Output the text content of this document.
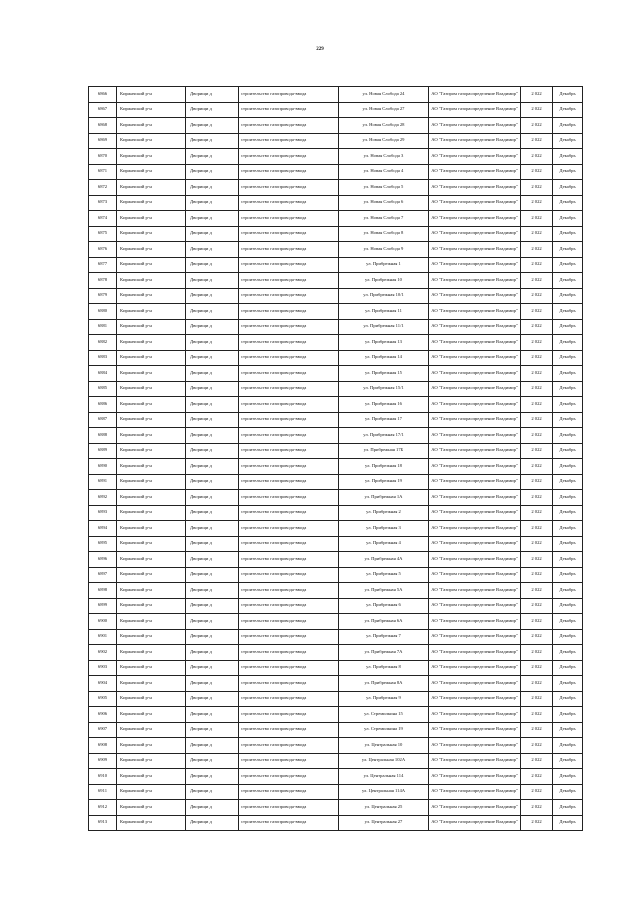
229
6866	Киржачский р-н	Дворищи д	строительство газопровода-ввода	ул. Новая Слобода 24	АО "Газпром газораспределение Владимир"	2 022	Декабрь
6867	Киржачский р-н	Дворищи д	строительство газопровода-ввода	ул. Новая Слобода 27	АО "Газпром газораспределение Владимир"	2 022	Декабрь
6868	Киржачский р-н	Дворищи д	строительство газопровода-ввода	ул. Новая Слобода 28	АО "Газпром газораспределение Владимир"	2 022	Декабрь
6869	Киржачский р-н	Дворищи д	строительство газопровода-ввода	ул. Новая Слобода 29	АО "Газпром газораспределение Владимир"	2 022	Декабрь
6870	Киржачский р-н	Дворищи д	строительство газопровода-ввода	ул. Новая Слобода 3	АО "Газпром газораспределение Владимир"	2 022	Декабрь
6871	Киржачский р-н	Дворищи д	строительство газопровода-ввода	ул. Новая Слобода 4	АО "Газпром газораспределение Владимир"	2 022	Декабрь
6872	Киржачский р-н	Дворищи д	строительство газопровода-ввода	ул. Новая Слобода 5	АО "Газпром газораспределение Владимир"	2 022	Декабрь
6873	Киржачский р-н	Дворищи д	строительство газопровода-ввода	ул. Новая Слобода 6	АО "Газпром газораспределение Владимир"	2 022	Декабрь
6874	Киржачский р-н	Дворищи д	строительство газопровода-ввода	ул. Новая Слобода 7	АО "Газпром газораспределение Владимир"	2 022	Декабрь
6875	Киржачский р-н	Дворищи д	строительство газопровода-ввода	ул. Новая Слобода 8	АО "Газпром газораспределение Владимир"	2 022	Декабрь
6876	Киржачский р-н	Дворищи д	строительство газопровода-ввода	ул. Новая Слобода 9	АО "Газпром газораспределение Владимир"	2 022	Декабрь
6877	Киржачский р-н	Дворищи д	строительство газопровода-ввода	ул. Прибрежная 1	АО "Газпром газораспределение Владимир"	2 022	Декабрь
6878	Киржачский р-н	Дворищи д	строительство газопровода-ввода	ул. Прибрежная 10	АО "Газпром газораспределение Владимир"	2 022	Декабрь
6879	Киржачский р-н	Дворищи д	строительство газопровода-ввода	ул. Прибрежная 10/1	АО "Газпром газораспределение Владимир"	2 022	Декабрь
6880	Киржачский р-н	Дворищи д	строительство газопровода-ввода	ул. Прибрежная 11	АО "Газпром газораспределение Владимир"	2 022	Декабрь
6881	Киржачский р-н	Дворищи д	строительство газопровода-ввода	ул. Прибрежная 11/1	АО "Газпром газораспределение Владимир"	2 022	Декабрь
6882	Киржачский р-н	Дворищи д	строительство газопровода-ввода	ул. Прибрежная 13	АО "Газпром газораспределение Владимир"	2 022	Декабрь
6883	Киржачский р-н	Дворищи д	строительство газопровода-ввода	ул. Прибрежная 14	АО "Газпром газораспределение Владимир"	2 022	Декабрь
6884	Киржачский р-н	Дворищи д	строительство газопровода-ввода	ул. Прибрежная 15	АО "Газпром газораспределение Владимир"	2 022	Декабрь
6885	Киржачский р-н	Дворищи д	строительство газопровода-ввода	ул. Прибрежная 15/1	АО "Газпром газораспределение Владимир"	2 022	Декабрь
6886	Киржачский р-н	Дворищи д	строительство газопровода-ввода	ул. Прибрежная 16	АО "Газпром газораспределение Владимир"	2 022	Декабрь
6887	Киржачский р-н	Дворищи д	строительство газопровода-ввода	ул. Прибрежная 17	АО "Газпром газораспределение Владимир"	2 022	Декабрь
6888	Киржачский р-н	Дворищи д	строительство газопровода-ввода	ул. Прибрежная 17/1	АО "Газпром газораспределение Владимир"	2 022	Декабрь
6889	Киржачский р-н	Дворищи д	строительство газопровода-ввода	ул. Прибрежная 17Б	АО "Газпром газораспределение Владимир"	2 022	Декабрь
6890	Киржачский р-н	Дворищи д	строительство газопровода-ввода	ул. Прибрежная 18	АО "Газпром газораспределение Владимир"	2 022	Декабрь
6891	Киржачский р-н	Дворищи д	строительство газопровода-ввода	ул. Прибрежная 19	АО "Газпром газораспределение Владимир"	2 022	Декабрь
6892	Киржачский р-н	Дворищи д	строительство газопровода-ввода	ул. Прибрежная 1А	АО "Газпром газораспределение Владимир"	2 022	Декабрь
6893	Киржачский р-н	Дворищи д	строительство газопровода-ввода	ул. Прибрежная 2	АО "Газпром газораспределение Владимир"	2 022	Декабрь
6894	Киржачский р-н	Дворищи д	строительство газопровода-ввода	ул. Прибрежная 3	АО "Газпром газораспределение Владимир"	2 022	Декабрь
6895	Киржачский р-н	Дворищи д	строительство газопровода-ввода	ул. Прибрежная 4	АО "Газпром газораспределение Владимир"	2 022	Декабрь
6896	Киржачский р-н	Дворищи д	строительство газопровода-ввода	ул. Прибрежная 4А	АО "Газпром газораспределение Владимир"	2 022	Декабрь
6897	Киржачский р-н	Дворищи д	строительство газопровода-ввода	ул. Прибрежная 5	АО "Газпром газораспределение Владимир"	2 022	Декабрь
6898	Киржачский р-н	Дворищи д	строительство газопровода-ввода	ул. Прибрежная 5А	АО "Газпром газораспределение Владимир"	2 022	Декабрь
6899	Киржачский р-н	Дворищи д	строительство газопровода-ввода	ул. Прибрежная 6	АО "Газпром газораспределение Владимир"	2 022	Декабрь
6900	Киржачский р-н	Дворищи д	строительство газопровода-ввода	ул. Прибрежная 6А	АО "Газпром газораспределение Владимир"	2 022	Декабрь
6901	Киржачский р-н	Дворищи д	строительство газопровода-ввода	ул. Прибрежная 7	АО "Газпром газораспределение Владимир"	2 022	Декабрь
6902	Киржачский р-н	Дворищи д	строительство газопровода-ввода	ул. Прибрежная 7А	АО "Газпром газораспределение Владимир"	2 022	Декабрь
6903	Киржачский р-н	Дворищи д	строительство газопровода-ввода	ул. Прибрежная 8	АО "Газпром газораспределение Владимир"	2 022	Декабрь
6904	Киржачский р-н	Дворищи д	строительство газопровода-ввода	ул. Прибрежная 8А	АО "Газпром газораспределение Владимир"	2 022	Декабрь
6905	Киржачский р-н	Дворищи д	строительство газопровода-ввода	ул. Прибрежная 9	АО "Газпром газораспределение Владимир"	2 022	Декабрь
6906	Киржачский р-н	Дворищи д	строительство газопровода-ввода	ул. Стремилкина 15	АО "Газпром газораспределение Владимир"	2 022	Декабрь
6907	Киржачский р-н	Дворищи д	строительство газопровода-ввода	ул. Стремилкина 19	АО "Газпром газораспределение Владимир"	2 022	Декабрь
6908	Киржачский р-н	Дворищи д	строительство газопровода-ввода	ул. Центральная 10	АО "Газпром газораспределение Владимир"	2 022	Декабрь
6909	Киржачский р-н	Дворищи д	строительство газопровода-ввода	ул. Центральная 102А	АО "Газпром газораспределение Владимир"	2 022	Декабрь
6910	Киржачский р-н	Дворищи д	строительство газопровода-ввода	ул. Центральная 114	АО "Газпром газораспределение Владимир"	2 022	Декабрь
6911	Киржачский р-н	Дворищи д	строительство газопровода-ввода	ул. Центральная 114А	АО "Газпром газораспределение Владимир"	2 022	Декабрь
6912	Киржачский р-н	Дворищи д	строительство газопровода-ввода	ул. Центральная 25	АО "Газпром газораспределение Владимир"	2 022	Декабрь
6913	Киржачский р-н	Дворищи д	строительство газопровода-ввода	ул. Центральная 27	АО "Газпром газораспределение Владимир"	2 022	Декабрь
